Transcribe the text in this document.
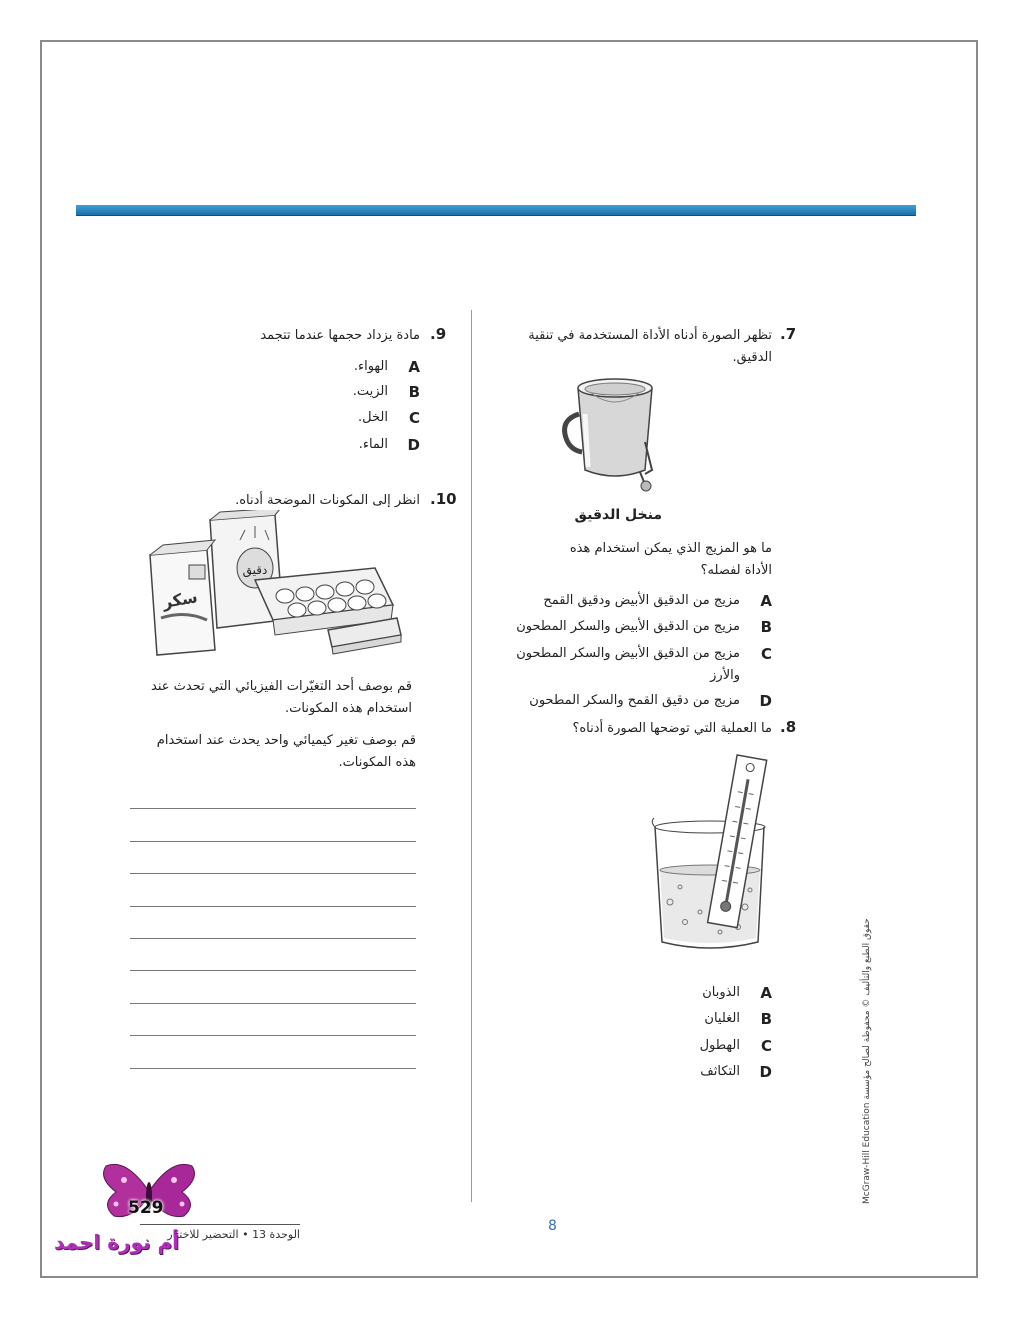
.7
تظهر الصورة أدناه الأداة المستخدمة في تنقية الدقيق.
منخل الدقيق
ما هو المزيج الذي يمكن استخدام هذه الأداة لفصله؟
A
مزيج من الدقيق الأبيض ودقيق القمح
B
مزيج من الدقيق الأبيض والسكر المطحون
C
مزيج من الدقيق الأبيض والسكر المطحون والأرز
D
مزيج من دقيق القمح والسكر المطحون
.8
ما العملية التي توضحها الصورة أدناه؟
A
الذوبان
B
الغليان
C
الهطول
D
التكاثف
.9
مادة يزداد حجمها عندما تتجمد
A
الهواء.
B
الزيت.
C
الخل.
D
الماء.
.10
انظر إلى المكونات الموضحة أدناه.
دقيق
سكر
قم بوصف أحد التغيّرات الفيزيائي التي تحدث عند استخدام هذه المكونات.
قم بوصف تغير كيميائي واحد يحدث عند استخدام هذه المكونات.
McGraw-Hill Education حقوق الطبع والتأليف © محفوظة لصالح مؤسسة
529
الوحدة 13 • التحضير للاختبار
أم نورة احمد
8
